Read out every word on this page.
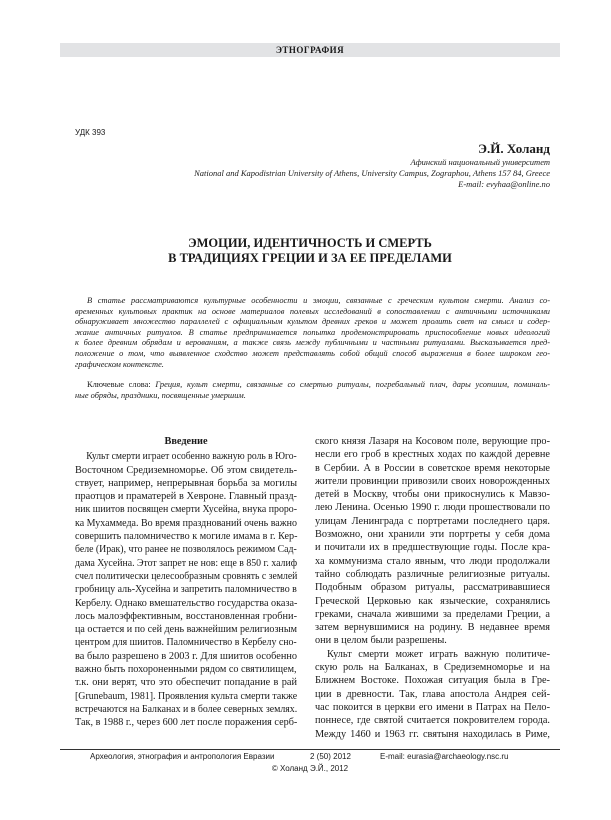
ЭТНОГРАФИЯ
УДК 393
Э.Й. Холанд
Афинский национальный университет
National and Kapodistrian University of Athens, University Campus, Zographou, Athens 157 84, Greece
E-mail: evyhaa@online.no
ЭМОЦИИ, ИДЕНТИЧНОСТЬ И СМЕРТЬ
В ТРАДИЦИЯХ ГРЕЦИИ И ЗА ЕЕ ПРЕДЕЛАМИ
В статье рассматриваются культурные особенности и эмоции, связанные с греческим культом смерти. Анализ со-
временных культовых практик на основе материалов полевых исследований в сопоставлении с античными источниками
обнаруживает множество параллелей с официальным культом древних греков и может пролить свет на смысл и содер-
жание античных ритуалов. В статье предпринимается попытка продемонстрировать приспособление новых идеологий
к более древним обрядам и верованиям, а также связь между публичными и частными ритуалами. Высказывается пред-
положение о том, что выявленное сходство может представлять собой общий способ выражения в более широком гео-
графическом контексте.
Ключевые слова: Греция, культ смерти, связанные со смертью ритуалы, погребальный плач, дары усопшим, поминаль-
ные обряды, праздники, посвященные умершим.
Введение
Культ смерти играет особенно важную роль в Юго-
Восточном Средиземноморье. Об этом свидетель-
ствует, например, непрерывная борьба за могилы
праотцов и праматерей в Хевроне. Главный празд-
ник шиитов посвящен смерти Хусейна, внука проро-
ка Мухаммеда. Во время празднований очень важно
совершить паломничество к могиле имама в г. Кер-
беле (Ирак), что ранее не позволялось режимом Сад-
дама Хусейна. Этот запрет не нов: еще в 850 г. халиф
счел политически целесообразным сровнять с землей
гробницу аль-Хусейна и запретить паломничество в
Кербелу. Однако вмешательство государства оказа-
лось малоэффективным, восстановленная гробни-
ца остается и по сей день важнейшим религиозным
центром для шиитов. Паломничество в Кербелу сно-
ва было разрешено в 2003 г. Для шиитов особенно
важно быть похороненными рядом со святилищем,
т.к. они верят, что это обеспечит попадание в рай
[Grunebaum, 1981]. Проявления культа смерти также
встречаются на Балканах и в более северных землях.
Так, в 1988 г., через 600 лет после поражения серб-
ского князя Лазаря на Косовом поле, верующие про-
несли его гроб в крестных ходах по каждой деревне
в Сербии. А в России в советское время некоторые
жители провинции привозили своих новорожденных
детей в Москву, чтобы они прикоснулись к Мавзо-
лею Ленина. Осенью 1990 г. люди прошествовали по
улицам Ленинграда с портретами последнего царя.
Возможно, они хранили эти портреты у себя дома
и почитали их в предшествующие годы. После кра-
ха коммунизма стало явным, что люди продолжали
тайно соблюдать различные религиозные ритуалы.
Подобным образом ритуалы, рассматривавшиеся
Греческой Церковью как языческие, сохранялись
греками, сначала жившими за пределами Греции, а
затем вернувшимися на родину. В недавнее время
они в целом были разрешены.
Культ смерти может играть важную политиче-
скую роль на Балканах, в Средиземноморье и на
Ближнем Востоке. Похожая ситуация была в Гре-
ции в древности. Так, глава апостола Андрея сей-
час покоится в церкви его имени в Патрах на Пело-
поннесе, где святой считается покровителем города.
Между 1460 и 1963 гг. святыня находилась в Риме,
Археология, этнография и антропология Евразии	2 (50) 2012	E-mail: eurasia@archaeology.nsc.ru
© Холанд Э.Й., 2012
